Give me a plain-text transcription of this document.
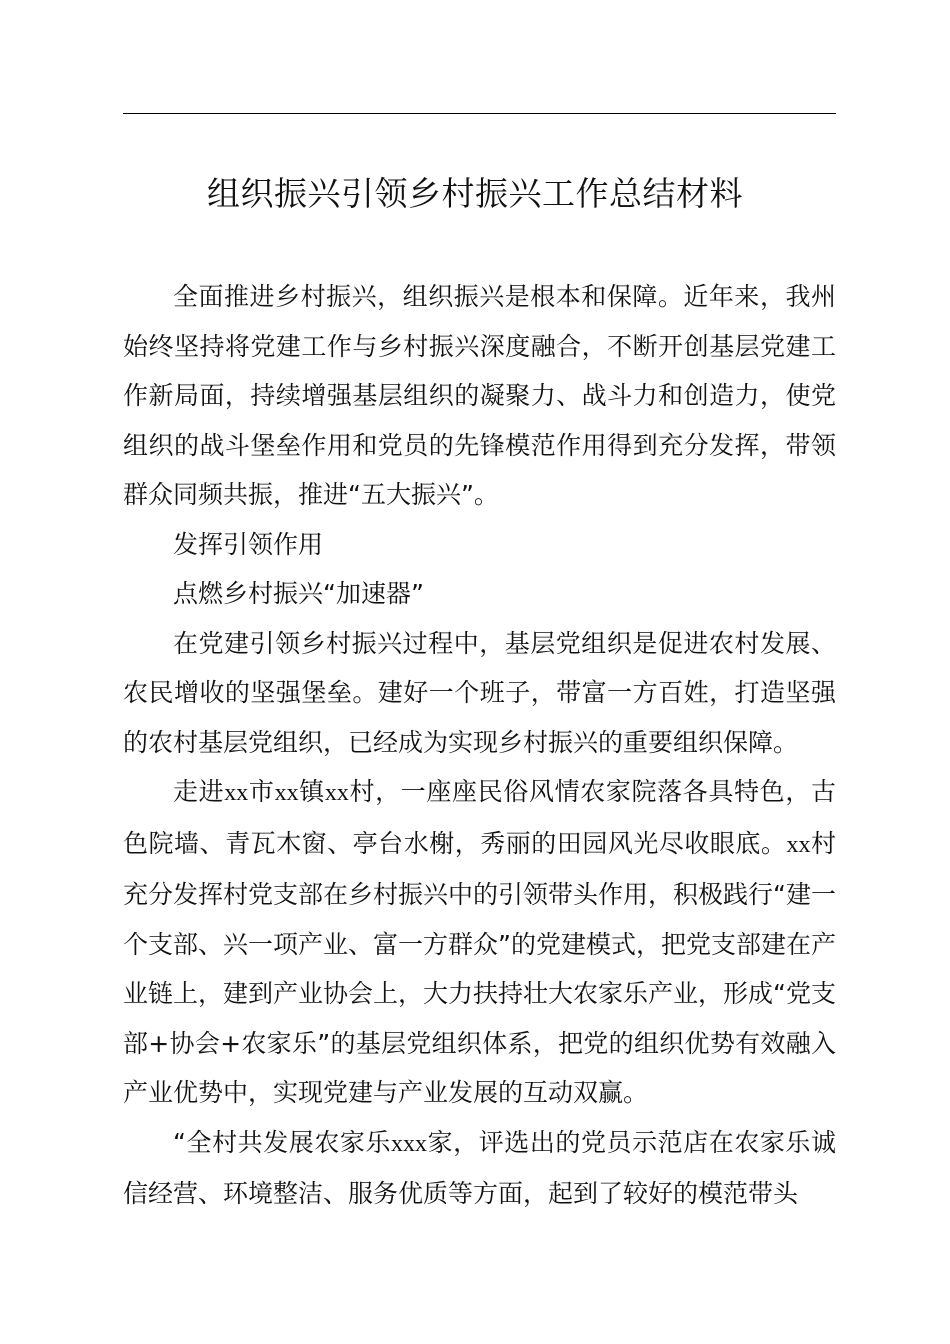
组织振兴引领乡村振兴工作总结材料

全面推进乡村振兴，组织振兴是根本和保障。近年来，我州始终坚持将党建工作与乡村振兴深度融合，不断开创基层党建工作新局面，持续增强基层组织的凝聚力、战斗力和创造力，使党组织的战斗堡垒作用和党员的先锋模范作用得到充分发挥，带领群众同频共振，推进“五大振兴”。

发挥引领作用

点燃乡村振兴“加速器”

在党建引领乡村振兴过程中，基层党组织是促进农村发展、农民增收的坚强堡垒。建好一个班子，带富一方百姓，打造坚强的农村基层党组织，已经成为实现乡村振兴的重要组织保障。

走进xx市xx镇xx村，一座座民俗风情农家院落各具特色，古色院墙、青瓦木窗、亭台水榭，秀丽的田园风光尽收眼底。xx村充分发挥村党支部在乡村振兴中的引领带头作用，积极践行“建一个支部、兴一项产业、富一方群众”的党建模式，把党支部建在产业链上，建到产业协会上，大力扶持壮大农家乐产业，形成“党支部+协会+农家乐”的基层党组织体系，把党的组织优势有效融入产业优势中，实现党建与产业发展的互动双赢。

“全村共发展农家乐xxx家，评选出的党员示范店在农家乐诚信经营、环境整洁、服务优质等方面，起到了较好的模范带头
